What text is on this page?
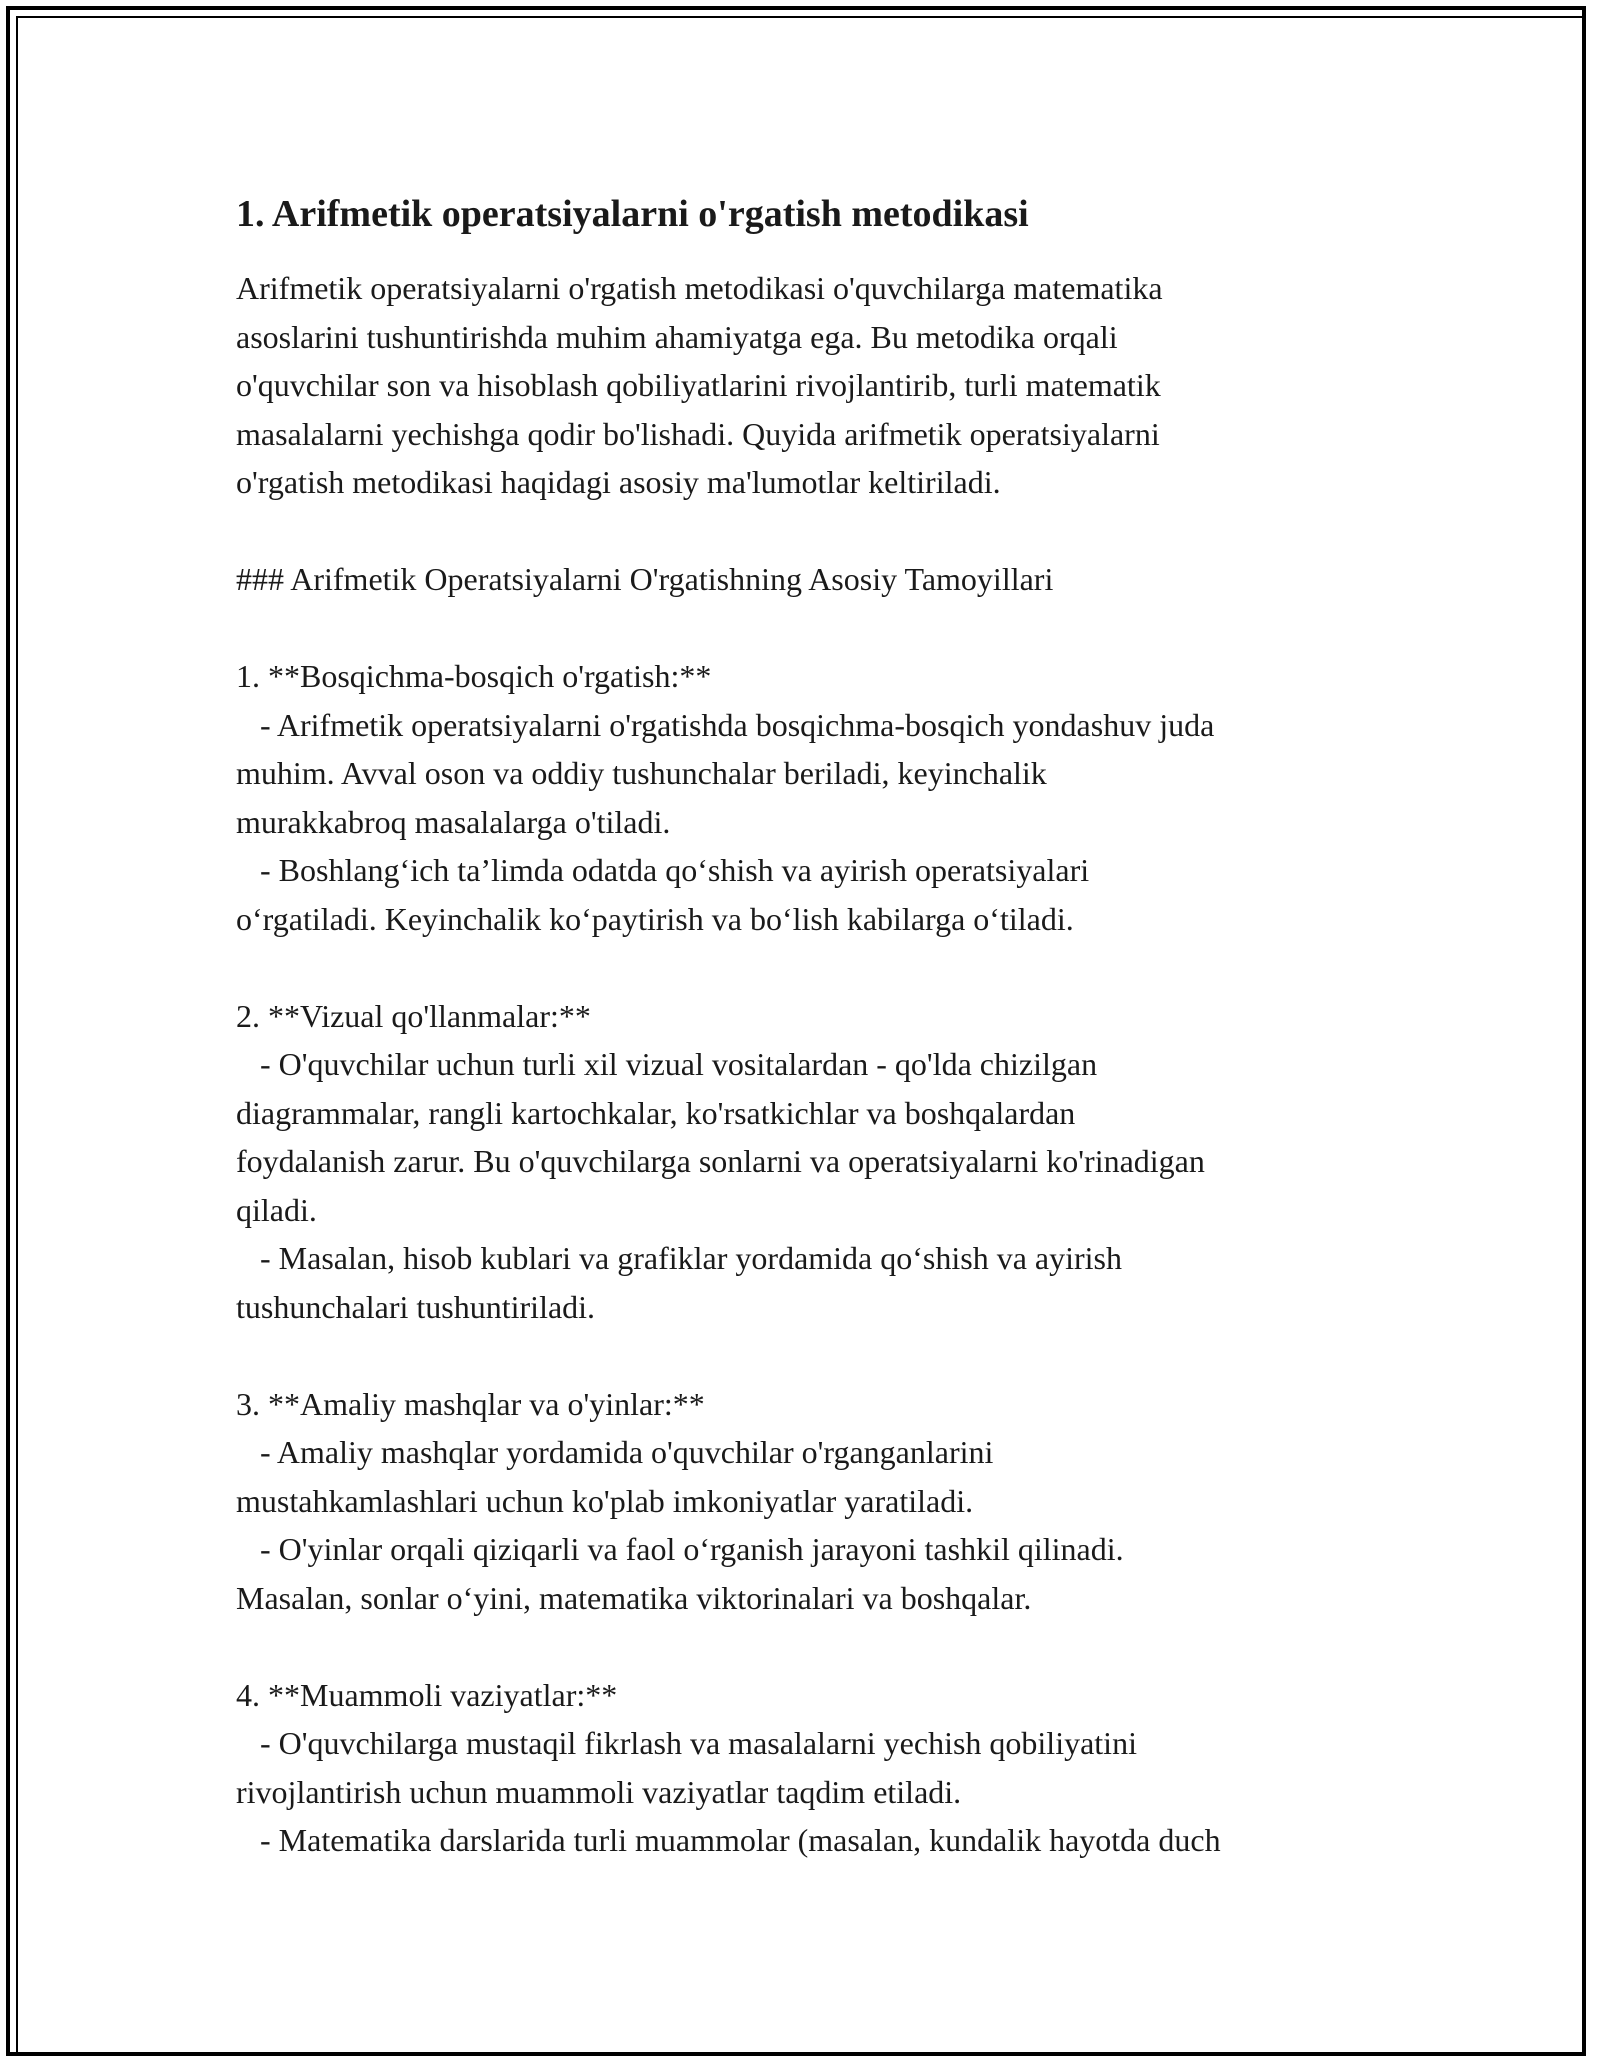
1. Arifmetik operatsiyalarni o'rgatish metodikasi

Arifmetik operatsiyalarni o'rgatish metodikasi o'quvchilarga matematika

asoslarini tushuntirishda muhim ahamiyatga ega. Bu metodika orqali

o'quvchilar son va hisoblash qobiliyatlarini rivojlantirib, turli matematik

masalalarni yechishga qodir bo'lishadi. Quyida arifmetik operatsiyalarni

o'rgatish metodikasi haqidagi asosiy ma'lumotlar keltiriladi.

### Arifmetik Operatsiyalarni O'rgatishning Asosiy Tamoyillari

1. **Bosqichma-bosqich o'rgatish:**

- Arifmetik operatsiyalarni o'rgatishda bosqichma-bosqich yondashuv juda

muhim. Avval oson va oddiy tushunchalar beriladi, keyinchalik

murakkabroq masalalarga o'tiladi.

- Boshlang‘ich ta’limda odatda qo‘shish va ayirish operatsiyalari

o‘rgatiladi. Keyinchalik ko‘paytirish va bo‘lish kabilarga o‘tiladi.

2. **Vizual qo'llanmalar:**

- O'quvchilar uchun turli xil vizual vositalardan - qo'lda chizilgan

diagrammalar, rangli kartochkalar, ko'rsatkichlar va boshqalardan

foydalanish zarur. Bu o'quvchilarga sonlarni va operatsiyalarni ko'rinadigan

qiladi.

- Masalan, hisob kublari va grafiklar yordamida qo‘shish va ayirish

tushunchalari tushuntiriladi.

3. **Amaliy mashqlar va o'yinlar:**

- Amaliy mashqlar yordamida o'quvchilar o'rganganlarini

mustahkamlashlari uchun ko'plab imkoniyatlar yaratiladi.

- O'yinlar orqali qiziqarli va faol o‘rganish jarayoni tashkil qilinadi.

Masalan, sonlar o‘yini, matematika viktorinalari va boshqalar.

4. **Muammoli vaziyatlar:**

- O'quvchilarga mustaqil fikrlash va masalalarni yechish qobiliyatini

rivojlantirish uchun muammoli vaziyatlar taqdim etiladi.

- Matematika darslarida turli muammolar (masalan, kundalik hayotda duch
